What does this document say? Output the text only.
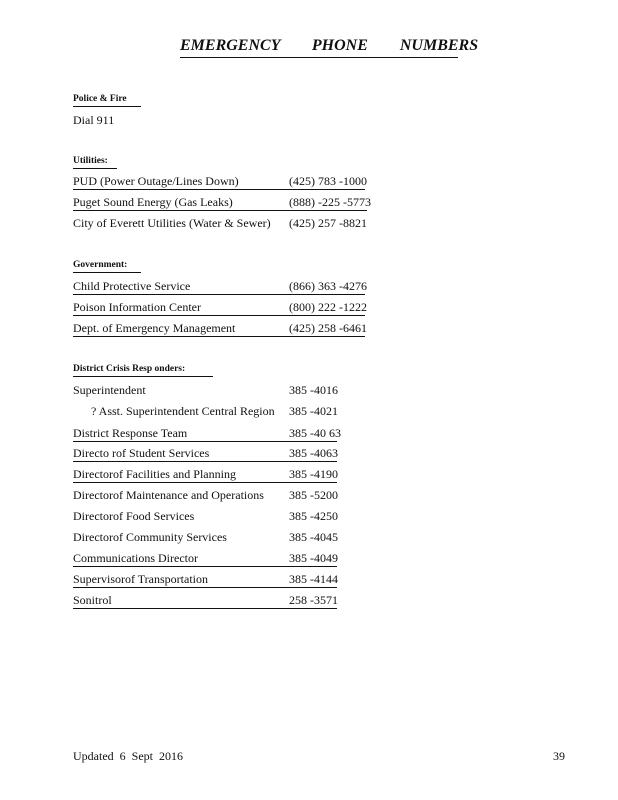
EMERGENCY PHONE NUMBERS
Police & Fire
Dial 911
Utilities:
PUD (Power Outage/Lines Down)	(425) 783 -1000
Puget Sound Energy (Gas Leaks)	(888) -225 -5773
City of Everett Utilities (Water & Sewer) (425) 257 -8821
Government:
Child Protective Service	(866) 363 -4276
Poison Information Center	(800) 222 -1222
Dept. of Emergency Management	(425) 258 -6461
District Crisis Resp onders:
Superintendent	385 -4016
? Asst. Superintendent Central Region 385 -4021
District Response Team	385 -40 63
Directo rof Student Services	385 -4063
Directorof Facilities and Planning	385 -4190
Directorof Maintenance and Operations 385 -5200
Directorof Food Services	385 -4250
Directorof Community Services	385 -4045
Communications Director	385 -4049
Supervisorof Transportation	385 -4144
Sonitrol	258 -3571
Updated 6 Sept 2016	39
